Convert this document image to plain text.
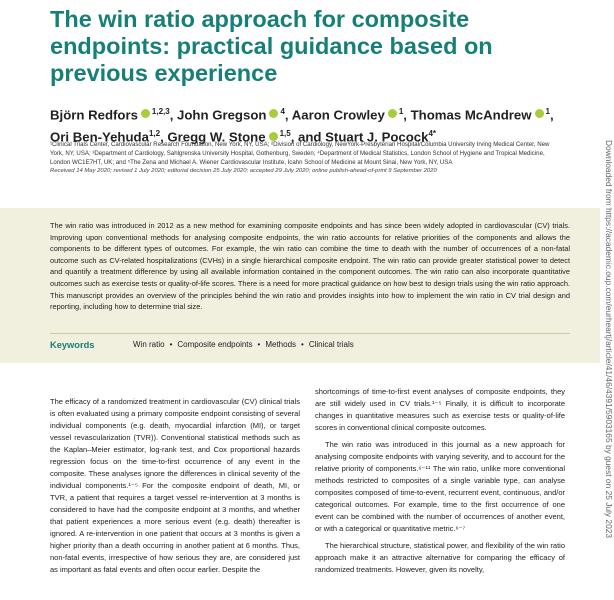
The win ratio approach for composite endpoints: practical guidance based on previous experience
Björn Redfors $^{1,2,3}$, John Gregson $^4$, Aaron Crowley $^1$, Thomas McAndrew $^1$,
Ori Ben-Yehuda$^{1,2}$, Gregg W. Stone $^{1,5}$, and Stuart J. Pocock$^{4*}$

¹Clinical Trials Center, Cardiovascular Research Foundation, New York, NY, USA; ²Division of Cardiology, NewYork-Presbyterian Hospital/Columbia University Irving Medical Center, New York, NY, USA; ³Department of Cardiology, Sahlgrenska University Hospital, Gothenburg, Sweden; ⁴Department of Medical Statistics, London School of Hygiene and Tropical Medicine, London WC1E7HT, UK; and ⁵The Zena and Michael A. Wiener Cardiovascular Institute, Icahn School of Medicine at Mount Sinai, New York, NY, USA

Received 14 May 2020; revised 1 July 2020; editorial decision 25 July 2020; accepted 29 July 2020; online publish-ahead-of-print 9 September 2020	Downloaded from https://academic.oup.com/eurheartj/article/41/46/4391/5903165 by guest on 25 July 2023

The win ratio was introduced in 2012 as a new method for examining composite endpoints and has since been widely adopted in cardiovascular (CV) trials. Improving upon conventional methods for analysing composite endpoints, the win ratio accounts for relative priorities of the components and allows the components to be different types of outcomes. For example, the win ratio can combine the time to death with the number of occurrences of a non-fatal outcome such as CV-related hospitalizations (CVHs) in a single hierarchical composite endpoint. The win ratio can provide greater statistical power to detect and quantify a treatment difference by using all available information contained in the component outcomes. The win ratio can also incorporate quantitative outcomes such as exercise tests or quality-of-life scores. There is a need for more practical guidance on how best to design trials using the win ratio approach. This manuscript provides an overview of the principles behind the win ratio and provides insights into how to implement the win ratio in CV trial design and reporting, including how to determine trial size.

Keywords	Win ratio • Composite endpoints • Methods • Clinical trials

The efficacy of a randomized treatment in cardiovascular (CV) clinical trials is often evaluated using a primary composite endpoint consisting of several individual components (e.g. death, myocardial infarction (MI), or target vessel revascularization (TVR)). Conventional statistical methods such as the Kaplan–Meier estimator, log-rank test, and Cox proportional hazards regression focus on the time-to-first occurrence of any event in the composite. These analyses ignore the differences in clinical severity of the individual components.¹⁻⁵ For the composite endpoint of death, MI, or TVR, a patient that requires a target vessel re-intervention at 3 months is considered to have had the composite endpoint at 3 months, and whether that patient experiences a more serious event (e.g. death) thereafter is ignored. A re-intervention in one patient that occurs at 3 months is given a higher priority than a death occurring in another patient at 6 months. Thus, non-fatal events, irrespective of how serious they are, are considered just as important as fatal events and often occur earlier. Despite the

shortcomings of time-to-first event analyses of composite endpoints, they are still widely used in CV trials.¹⁻⁵ Finally, it is difficult to incorporate changes in quantitative measures such as exercise tests or quality-of-life scores in conventional clinical composite outcomes.

The win ratio was introduced in this journal as a new approach for analysing composite endpoints with varying severity, and to account for the relative priority of components.⁶⁻¹¹ The win ratio, unlike more conventional methods restricted to composites of a single variable type, can analyse composites composed of time-to-event, recurrent event, continuous, and/or categorical outcomes. For example, time to the first occurrence of one event can be combined with the number of occurrences of another event, or with a categorical or quantitative metric.⁶⁻⁷

The hierarchical structure, statistical power, and flexibility of the win ratio approach make it an attractive alternative for comparing the efficacy of randomized treatments. However, given its novelty,
